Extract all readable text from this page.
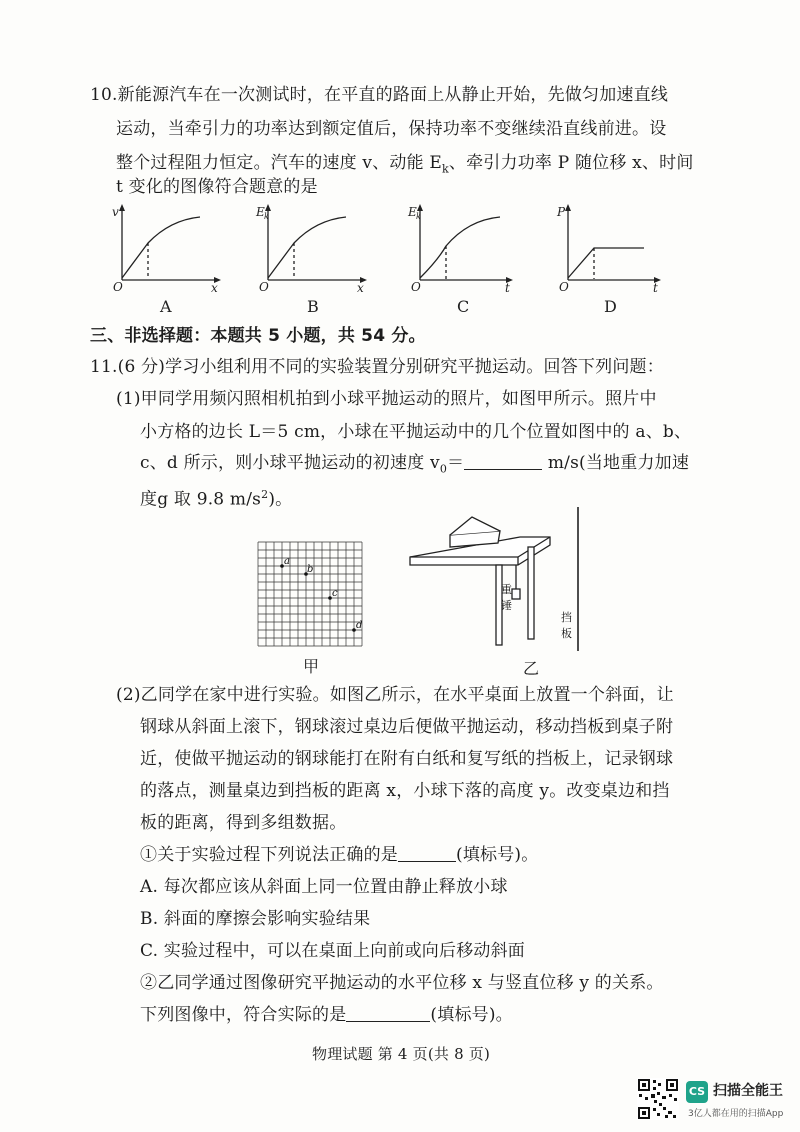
10.新能源汽车在一次测试时，在平直的路面上从静止开始，先做匀加速直线
运动，当牵引力的功率达到额定值后，保持功率不变继续沿直线前进。设
整个过程阻力恒定。汽车的速度 v、动能 $E_k$、牵引力功率 P 随位移 x、时间
t 变化的图像符合题意的是
v
x
O
E k
x
O
E k
t
O
P
t
O
A	B	C	D
三、非选择题：本题共 5 小题，共 54 分。
11.(6 分)学习小组利用不同的实验装置分别研究平抛运动。回答下列问题：
(1)甲同学用频闪照相机拍到小球平抛运动的照片，如图甲所示。照片中
小方格的边长 L＝5 cm，小球在平抛运动中的几个位置如图中的 a、b、
c、d 所示，则小球平抛运动的初速度 $v_0=$	m/s(当地重力加速
度g 取 9.8 $m/s^2$)。
a
b
c
d
甲
重
锤
挡
板
乙
(2)乙同学在家中进行实验。如图乙所示，在水平桌面上放置一个斜面，让
钢球从斜面上滚下，钢球滚过桌边后便做平抛运动，移动挡板到桌子附
近，使做平抛运动的钢球能打在附有白纸和复写纸的挡板上，记录钢球
的落点，测量桌边到挡板的距离 x，小球下落的高度 y。改变桌边和挡
板的距离，得到多组数据。
①关于实验过程下列说法正确的是	(填标号)。
A. 每次都应该从斜面上同一位置由静止释放小球
B. 斜面的摩擦会影响实验结果
C. 实验过程中，可以在桌面上向前或向后移动斜面
②乙同学通过图像研究平抛运动的水平位移 x 与竖直位移 y 的关系。
下列图像中，符合实际的是	(填标号)。
物理试题 第 4 页(共 8 页)
CS 扫描全能王
3亿人都在用的扫描App
